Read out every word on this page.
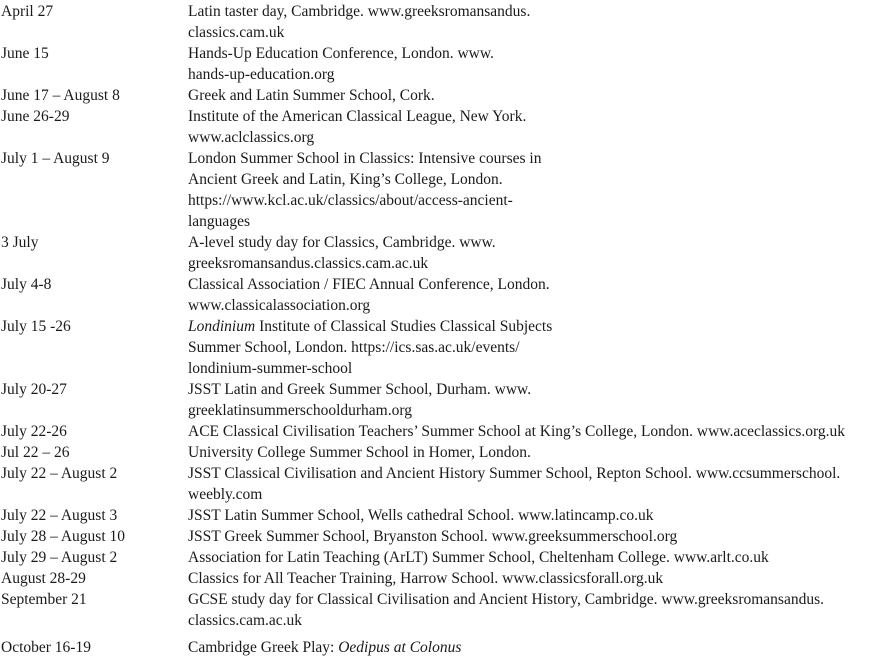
April 27	Latin taster day, Cambridge. www.greeksromansandus.
classics.cam.uk
June 15	Hands-Up Education Conference, London. www.
hands-up-education.org
June 17 – August 8	Greek and Latin Summer School, Cork.
June 26-29	Institute of the American Classical League, New York.
www.aclclassics.org
July 1 – August 9	London Summer School in Classics: Intensive courses in
Ancient Greek and Latin, King’s College, London.
https://www.kcl.ac.uk/classics/about/access-ancient-
languages
3 July	A-level study day for Classics, Cambridge. www.
greeksromansandus.classics.cam.ac.uk
July 4-8	Classical Association / FIEC Annual Conference, London.
www.classicalassociation.org
July 15 -26	Londinium Institute of Classical Studies Classical Subjects
Summer School, London. https://ics.sas.ac.uk/events/
londinium-summer-school
July 20-27	JSST Latin and Greek Summer School, Durham. www.
greeklatinsummerschooldurham.org
July 22-26	ACE Classical Civilisation Teachers’ Summer School at King’s College, London. www.aceclassics.org.uk
Jul 22 – 26	University College Summer School in Homer, London.
July 22 – August 2	JSST Classical Civilisation and Ancient History Summer School, Repton School. www.ccsummerschool.
weebly.com
July 22 – August 3	JSST Latin Summer School, Wells cathedral School. www.latincamp.co.uk
July 28 – August 10	JSST Greek Summer School, Bryanston School. www.greeksummerschool.org
July 29 – August 2	Association for Latin Teaching (ArLT) Summer School, Cheltenham College. www.arlt.co.uk
August 28-29	Classics for All Teacher Training, Harrow School. www.classicsforall.org.uk
September 21	GCSE study day for Classical Civilisation and Ancient History, Cambridge. www.greeksromansandus.
classics.cam.ac.uk
October 16-19	Cambridge Greek Play: Oedipus at Colonus
